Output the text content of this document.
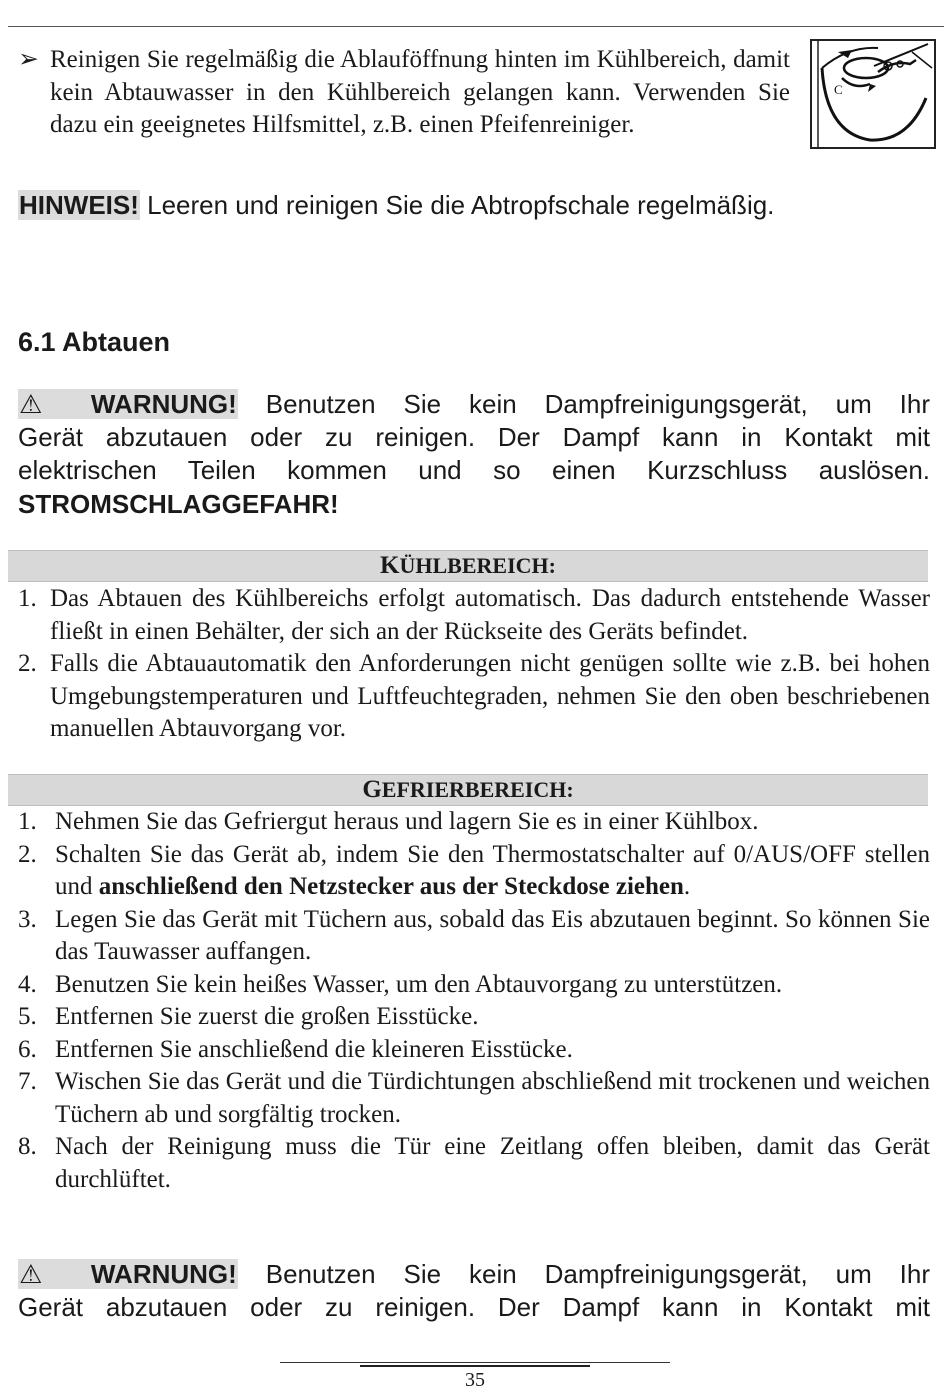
➢ Reinigen Sie regelmäßig die Ablauföffnung hinten im Kühlbereich, damit kein Abtauwasser in den Kühlbereich gelangen kann. Verwenden Sie dazu ein geeignetes Hilfsmittel, z.B. einen Pfeifenreiniger.
C
HINWEIS! Leeren und reinigen Sie die Abtropfschale regelmäßig.
6.1 Abtauen
⚠ WARNUNG! Benutzen Sie kein Dampfreinigungsgerät, um Ihr
Gerät abzutauen oder zu reinigen. Der Dampf kann in Kontakt mit
elektrischen Teilen kommen und so einen Kurzschluss auslösen.
STROMSCHLAGGEFAHR!
KÜHLBEREICH:
1. Das Abtauen des Kühlbereichs erfolgt automatisch. Das dadurch entstehende Wasser fließt in einen Behälter, der sich an der Rückseite des Geräts befindet.
2. Falls die Abtauautomatik den Anforderungen nicht genügen sollte wie z.B. bei hohen Umgebungstemperaturen und Luftfeuchtegraden, nehmen Sie den oben beschriebenen manuellen Abtauvorgang vor.
GEFRIERBEREICH:
1. Nehmen Sie das Gefriergut heraus und lagern Sie es in einer Kühlbox.
2. Schalten Sie das Gerät ab, indem Sie den Thermostatschalter auf 0/AUS/OFF stellen und anschließend den Netzstecker aus der Steckdose ziehen.
3. Legen Sie das Gerät mit Tüchern aus, sobald das Eis abzutauen beginnt. So können Sie das Tauwasser auffangen.
4. Benutzen Sie kein heißes Wasser, um den Abtauvorgang zu unterstützen.
5. Entfernen Sie zuerst die großen Eisstücke.
6. Entfernen Sie anschließend die kleineren Eisstücke.
7. Wischen Sie das Gerät und die Türdichtungen abschließend mit trockenen und weichen Tüchern ab und sorgfältig trocken.
8. Nach der Reinigung muss die Tür eine Zeitlang offen bleiben, damit das Gerät durchlüftet.
⚠ WARNUNG! Benutzen Sie kein Dampfreinigungsgerät, um Ihr
Gerät abzutauen oder zu reinigen. Der Dampf kann in Kontakt mit
35
